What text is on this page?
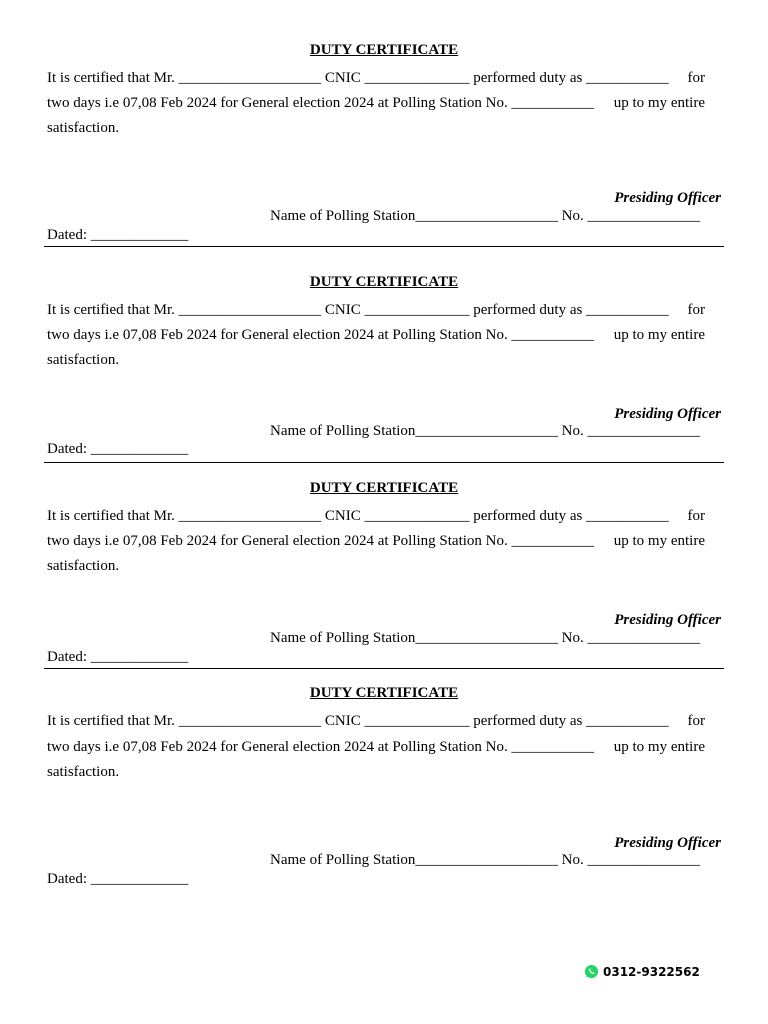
DUTY CERTIFICATE
It is certified that Mr. ___________________ CNIC ______________ performed duty as ___________ for
two days i.e 07,08 Feb 2024 for General election 2024 at Polling Station No. ___________ up to my entire
satisfaction.
Presiding Officer
Name of Polling Station___________________ No. _______________
Dated: _____________
DUTY CERTIFICATE
It is certified that Mr. ___________________ CNIC ______________ performed duty as ___________ for
two days i.e 07,08 Feb 2024 for General election 2024 at Polling Station No. ___________ up to my entire
satisfaction.
Presiding Officer
Name of Polling Station___________________ No. _______________
Dated: _____________
DUTY CERTIFICATE
It is certified that Mr. ___________________ CNIC ______________ performed duty as ___________ for
two days i.e 07,08 Feb 2024 for General election 2024 at Polling Station No. ___________ up to my entire
satisfaction.
Presiding Officer
Name of Polling Station___________________ No. _______________
Dated: _____________
DUTY CERTIFICATE
It is certified that Mr. ___________________ CNIC ______________ performed duty as ___________ for
two days i.e 07,08 Feb 2024 for General election 2024 at Polling Station No. ___________ up to my entire
satisfaction.
Presiding Officer
Name of Polling Station___________________ No. _______________
Dated: _____________
0312-9322562
